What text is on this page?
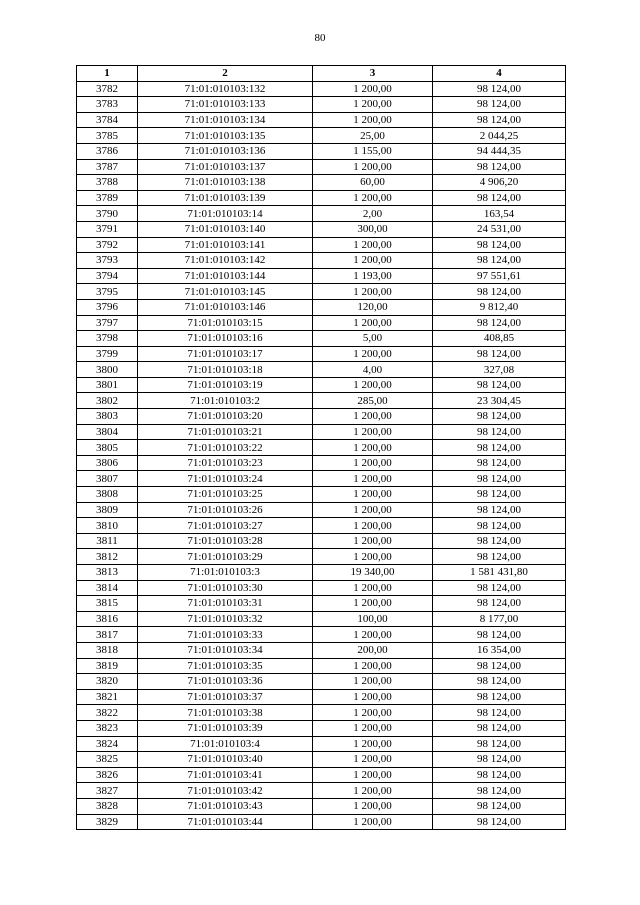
80
1	2	3	4
3782	71:01:010103:132	1 200,00	98 124,00
3783	71:01:010103:133	1 200,00	98 124,00
3784	71:01:010103:134	1 200,00	98 124,00
3785	71:01:010103:135	25,00	2 044,25
3786	71:01:010103:136	1 155,00	94 444,35
3787	71:01:010103:137	1 200,00	98 124,00
3788	71:01:010103:138	60,00	4 906,20
3789	71:01:010103:139	1 200,00	98 124,00
3790	71:01:010103:14	2,00	163,54
3791	71:01:010103:140	300,00	24 531,00
3792	71:01:010103:141	1 200,00	98 124,00
3793	71:01:010103:142	1 200,00	98 124,00
3794	71:01:010103:144	1 193,00	97 551,61
3795	71:01:010103:145	1 200,00	98 124,00
3796	71:01:010103:146	120,00	9 812,40
3797	71:01:010103:15	1 200,00	98 124,00
3798	71:01:010103:16	5,00	408,85
3799	71:01:010103:17	1 200,00	98 124,00
3800	71:01:010103:18	4,00	327,08
3801	71:01:010103:19	1 200,00	98 124,00
3802	71:01:010103:2	285,00	23 304,45
3803	71:01:010103:20	1 200,00	98 124,00
3804	71:01:010103:21	1 200,00	98 124,00
3805	71:01:010103:22	1 200,00	98 124,00
3806	71:01:010103:23	1 200,00	98 124,00
3807	71:01:010103:24	1 200,00	98 124,00
3808	71:01:010103:25	1 200,00	98 124,00
3809	71:01:010103:26	1 200,00	98 124,00
3810	71:01:010103:27	1 200,00	98 124,00
3811	71:01:010103:28	1 200,00	98 124,00
3812	71:01:010103:29	1 200,00	98 124,00
3813	71:01:010103:3	19 340,00	1 581 431,80
3814	71:01:010103:30	1 200,00	98 124,00
3815	71:01:010103:31	1 200,00	98 124,00
3816	71:01:010103:32	100,00	8 177,00
3817	71:01:010103:33	1 200,00	98 124,00
3818	71:01:010103:34	200,00	16 354,00
3819	71:01:010103:35	1 200,00	98 124,00
3820	71:01:010103:36	1 200,00	98 124,00
3821	71:01:010103:37	1 200,00	98 124,00
3822	71:01:010103:38	1 200,00	98 124,00
3823	71:01:010103:39	1 200,00	98 124,00
3824	71:01:010103:4	1 200,00	98 124,00
3825	71:01:010103:40	1 200,00	98 124,00
3826	71:01:010103:41	1 200,00	98 124,00
3827	71:01:010103:42	1 200,00	98 124,00
3828	71:01:010103:43	1 200,00	98 124,00
3829	71:01:010103:44	1 200,00	98 124,00
